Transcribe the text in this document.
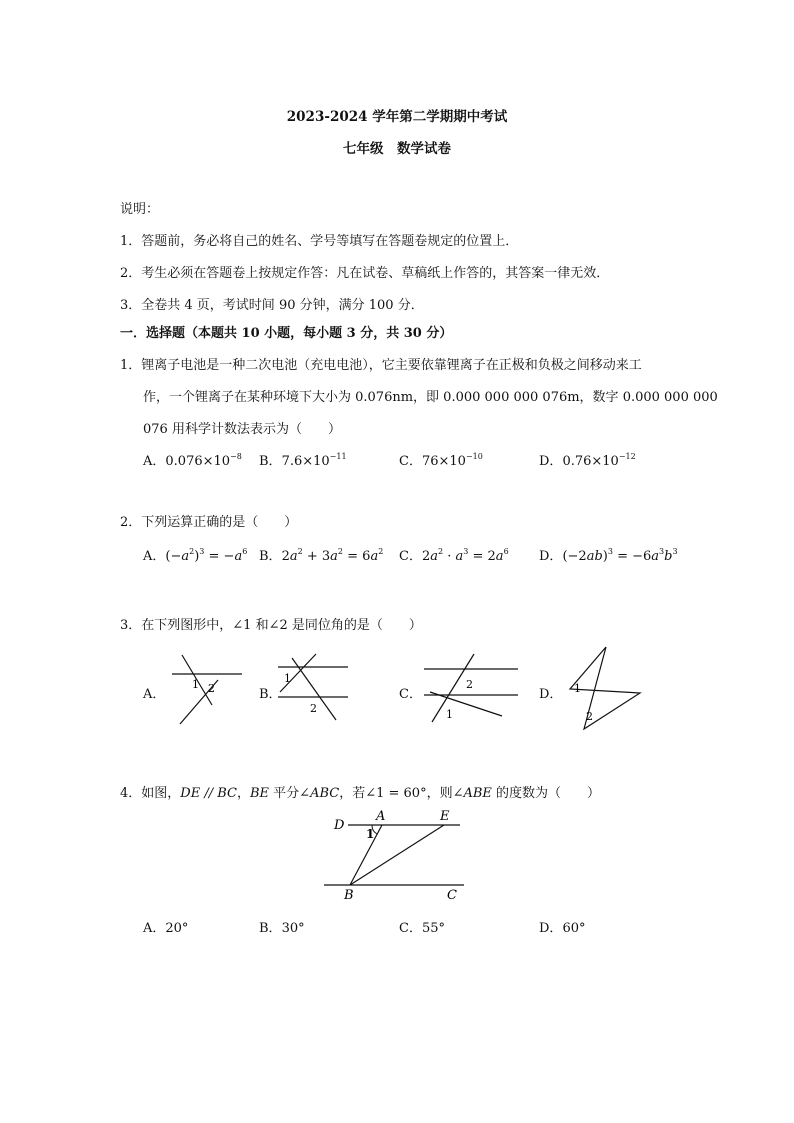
2023-2024 学年第二学期期中考试
七年级　数学试卷
说明：
1．答题前，务必将自己的姓名、学号等填写在答题卷规定的位置上．
2．考生必须在答题卷上按规定作答：凡在试卷、草稿纸上作答的，其答案一律无效．
3．全卷共 4 页，考试时间 90 分钟，满分 100 分．
一．选择题（本题共 10 小题，每小题 3 分，共 30 分）
1．锂离子电池是一种二次电池（充电电池），它主要依靠锂离子在正极和负极之间移动来工
作，一个锂离子在某种环境下大小为 0.076nm，即 0.000 000 000 076m，数字 0.000 000 000
076 用科学计数法表示为（　　）
A．$0.076\times 10^{-8}$ B．$7.6\times 10^{-11}$	C．$76\times 10^{-10}$	D．$0.76\times 10^{-12}$
2．下列运算正确的是（　　）
A．$(-a^2)^3 = -a^6$ B．$2a^2 + 3a^2 = 6a^2$ C．$2a^2 \cdot a^3 = 2a^6$ D．$(-2ab)^3 = -6a^3b^3$
3．在下列图形中，∠1 和∠2 是同位角的是（　　）
A．
1 2	B．
1
2
C．
2
1
D． 1
2
4．如图，DE // BC，BE 平分∠ABC，若∠1 = 60°，则∠ABE 的度数为（　　）
D
A	E
1
B	C
A．20°	B．30°	C．55°	D．60°
